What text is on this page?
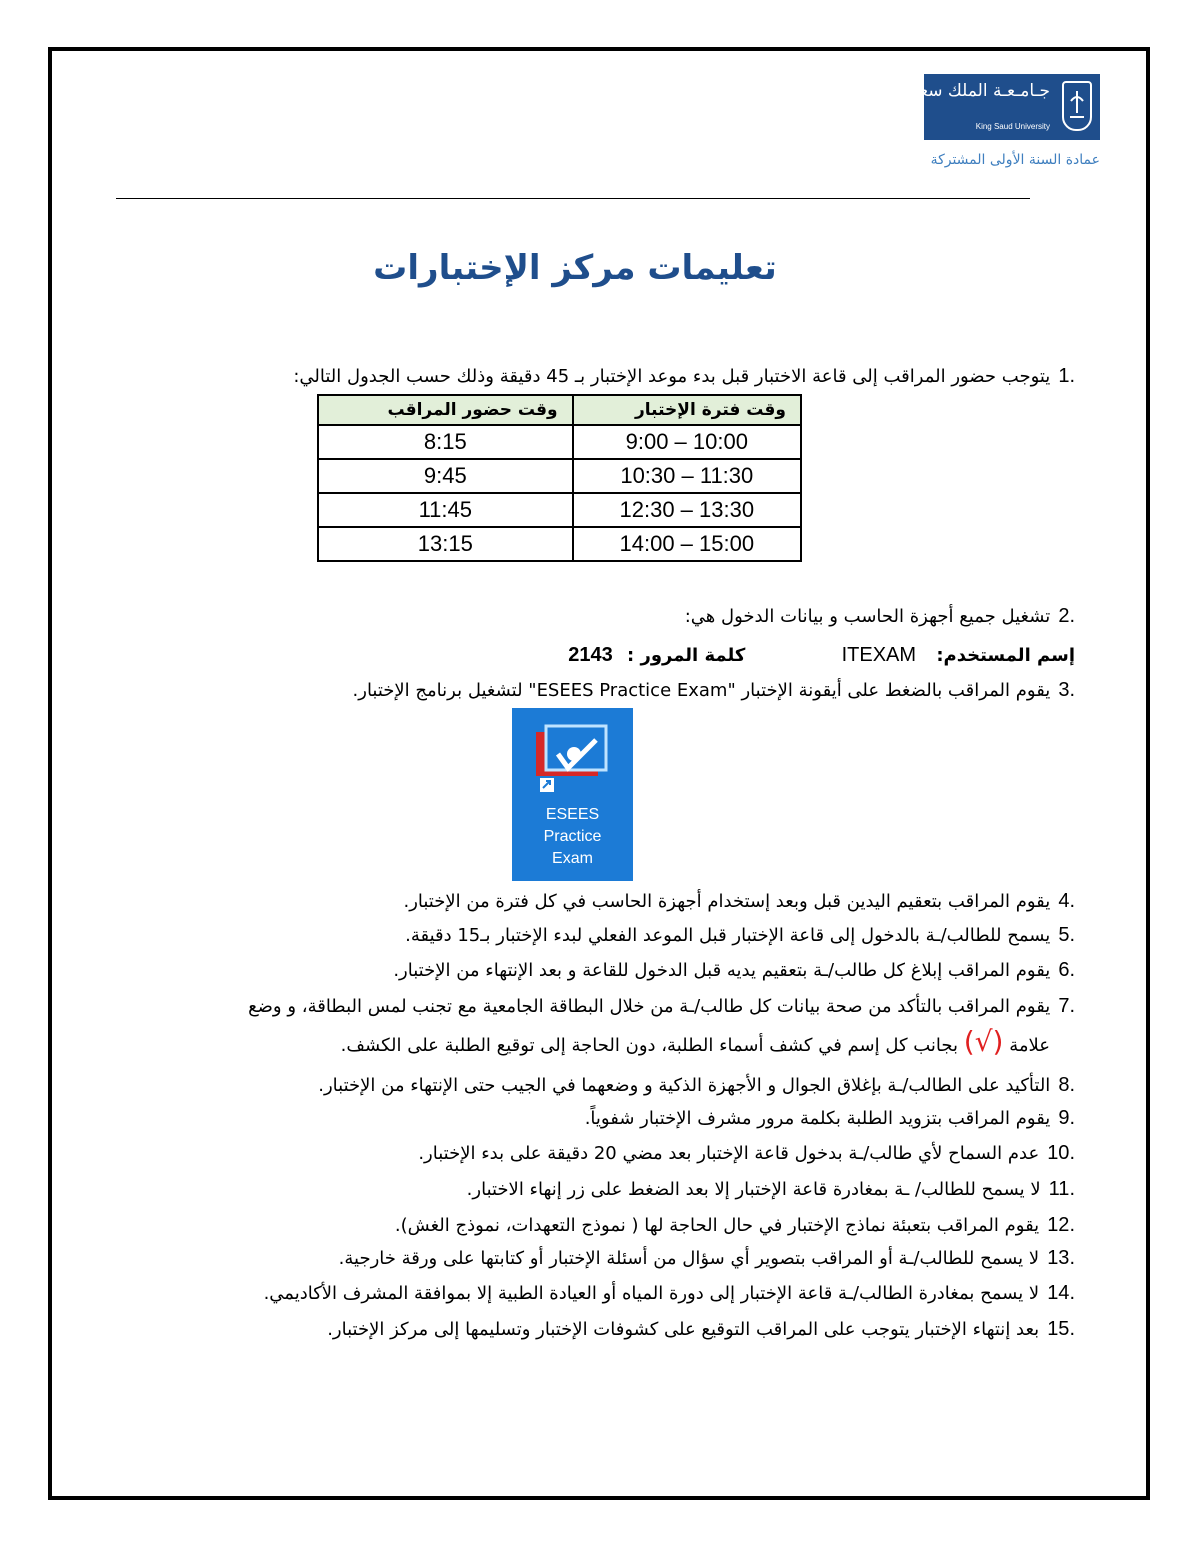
جـامـعـة الملك سعود
King Saud University
عمادة السنة الأولى المشتركة
تعليمات مركز الإختبارات
.1يتوجب حضور المراقب إلى قاعة الاختبار قبل بدء موعد الإختبار بـ 45 دقيقة وذلك حسب الجدول التالي:
وقت فترة الإختبار	وقت حضور المراقب
9:00 – 10:00	8:15
10:30 – 11:30	9:45
12:30 – 13:30	11:45
14:00 – 15:00	13:15
.2تشغيل جميع أجهزة الحاسب و بيانات الدخول هي:
إسم المستخدم: ITEXAM كلمة المرور : 2143
.3يقوم المراقب بالضغط على أيقونة الإختبار "ESEES Practice Exam" لتشغيل برنامج الإختبار.
ESEES
Practice
Exam
.4يقوم المراقب بتعقيم اليدين قبل وبعد إستخدام أجهزة الحاسب في كل فترة من الإختبار.
.5يسمح للطالب/ـة بالدخول إلى قاعة الإختبار قبل الموعد الفعلي لبدء الإختبار بـ15 دقيقة.
.6يقوم المراقب إبلاغ كل طالب/ـة بتعقيم يديه قبل الدخول للقاعة و بعد الإنتهاء من الإختبار.
.7يقوم المراقب بالتأكد من صحة بيانات كل طالب/ـة من خلال البطاقة الجامعية مع تجنب لمس البطاقة، و وضع
علامة (√) بجانب كل إسم في كشف أسماء الطلبة، دون الحاجة إلى توقيع الطلبة على الكشف.
.8التأكيد على الطالب/ـة بإغلاق الجوال و الأجهزة الذكية و وضعهما في الجيب حتى الإنتهاء من الإختبار.
.9يقوم المراقب بتزويد الطلبة بكلمة مرور مشرف الإختبار شفوياً.
.10عدم السماح لأي طالب/ـة بدخول قاعة الإختبار بعد مضي 20 دقيقة على بدء الإختبار.
.11لا يسمح للطالب/ ـة بمغادرة قاعة الإختبار إلا بعد الضغط على زر إنهاء الاختبار.
.12يقوم المراقب بتعبئة نماذج الإختبار في حال الحاجة لها ( نموذج التعهدات، نموذج الغش).
.13لا يسمح للطالب/ـة أو المراقب بتصوير أي سؤال من أسئلة الإختبار أو كتابتها على ورقة خارجية.
.14لا يسمح بمغادرة الطالب/ـة قاعة الإختبار إلى دورة المياه أو العيادة الطبية إلا بموافقة المشرف الأكاديمي.
.15بعد إنتهاء الإختبار يتوجب على المراقب التوقيع على كشوفات الإختبار وتسليمها إلى مركز الإختبار.
